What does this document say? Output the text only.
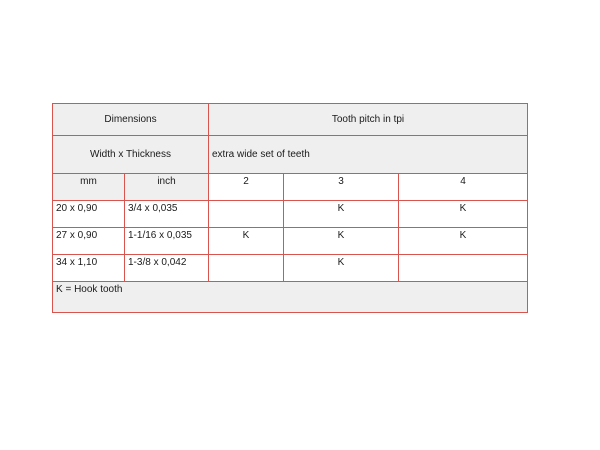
Dimensions		Tooth pitch in tpi		
Width x Thickness		extra wide set of teeth		
mm	inch	2	3	4
20 x 0,90	3/4 x 0,035		K	K
27 x 0,90	1-1/16 x 0,035	K	K	K
34 x 1,10	1-3/8 x 0,042		K	
K = Hook tooth				
